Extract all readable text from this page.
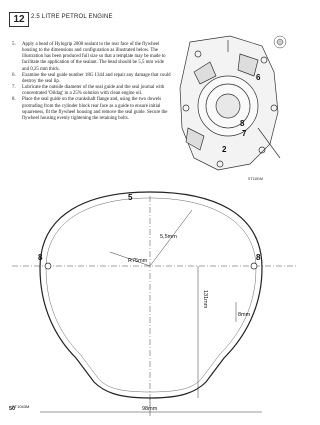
12	2.5 LITRE PETROL ENGINE
5. Apply a bead of Hylogrip 2000 sealant to the rear face of the flywheel housing to the dimensions and configuration as illustrated below. The illustration has been produced full size so that a template may be made to facilitate the application of the sealant. The bead should be 5,5 mm wide and 0,25 mm thick.
6. Examine the seal guide number 18G 1344 and repair any damage that could destroy the seal lip.
7. Lubricate the outside diameter of the seal guide and the seal journal with concentrated 'Oildag' in a 25% solution with clean engine oil.
8. Place the seal guide on the crankshaft flange and, using the two dowels protruding from the cylinder block rear face as a guide to ensure initial squareness, fit the flywheel housing and remove the seal guide. Secure the flywheel housing evenly tightening the retaining bolts.
6
8
7
2
ST1151M
5
8	8
5,5mm
R75mm
131mm
8mm
98mm
ST1043M
50
